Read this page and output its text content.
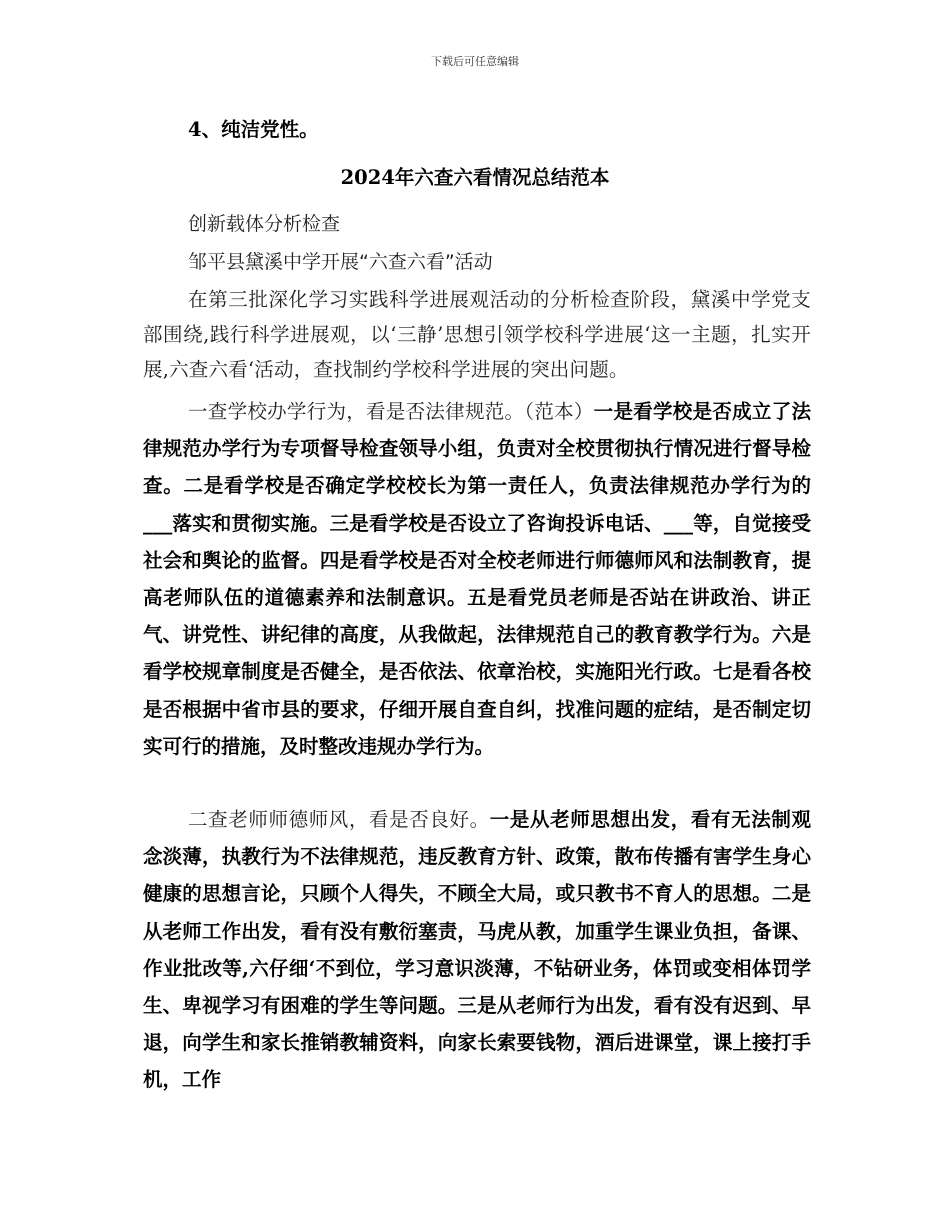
下载后可任意编辑
4、纯洁党性。
2024年六查六看情况总结范本
创新载体分析检查
邹平县黛溪中学开展“六查六看”活动

在第三批深化学习实践科学进展观活动的分析检查阶段，黛溪中学党支部围绕,践行科学进展观，以‘三静’思想引领学校科学进展‘这一主题，扎实开展,六查六看‘活动，查找制约学校科学进展的突出问题。

一查学校办学行为，看是否法律规范。（范本）一是看学校是否成立了法律规范办学行为专项督导检查领导小组，负责对全校贯彻执行情况进行督导检查。二是看学校是否确定学校校长为第一责任人，负责法律规范办学行为的___落实和贯彻实施。三是看学校是否设立了咨询投诉电话、___等，自觉接受社会和舆论的监督。四是看学校是否对全校老师进行师德师风和法制教育，提高老师队伍的道德素养和法制意识。五是看党员老师是否站在讲政治、讲正气、讲党性、讲纪律的高度，从我做起，法律规范自己的教育教学行为。六是看学校规章制度是否健全，是否依法、依章治校，实施阳光行政。七是看各校是否根据中省市县的要求，仔细开展自查自纠，找准问题的症结，是否制定切实可行的措施，及时整改违规办学行为。

二查老师师德师风，看是否良好。一是从老师思想出发，看有无法制观念淡薄，执教行为不法律规范，违反教育方针、政策，散布传播有害学生身心健康的思想言论，只顾个人得失，不顾全大局，或只教书不育人的思想。二是从老师工作出发，看有没有敷衍塞责，马虎从教，加重学生课业负担，备课、作业批改等,六仔细‘不到位，学习意识淡薄，不钻研业务，体罚或变相体罚学生、卑视学习有困难的学生等问题。三是从老师行为出发，看有没有迟到、早退，向学生和家长推销教辅资料，向家长索要钱物，酒后进课堂，课上接打手机，工作
